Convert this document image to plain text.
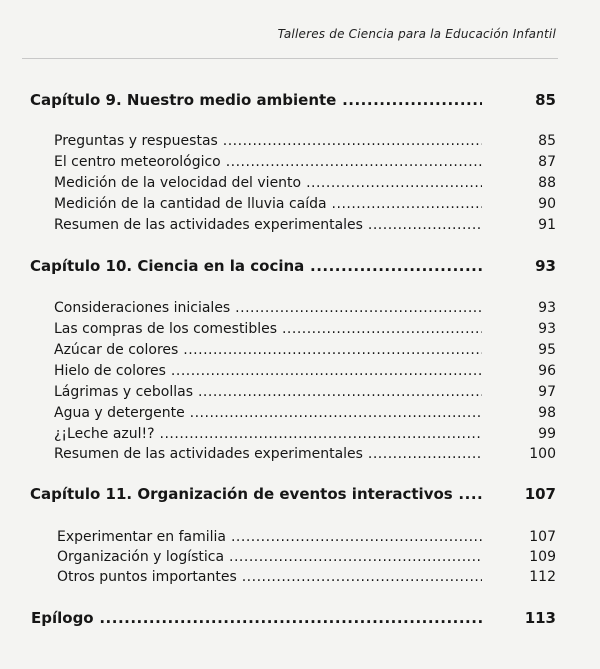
Talleres de Ciencia para la Educación Infantil
Capítulo 9. Nuestro medio ambiente .....	85
Preguntas y respuestas .....	85
El centro meteorológico .....	87
Medición de la velocidad del viento .....	88
Medición de la cantidad de lluvia caída .....	90
Resumen de las actividades experimentales .....	91
Capítulo 10. Ciencia en la cocina .....	93
Consideraciones iniciales .....	93
Las compras de los comestibles .....	93
Azúcar de colores .....	95
Hielo de colores .....	96
Lágrimas y cebollas .....	97
Agua y detergente .....	98
¿¡Leche azul!? .....	99
Resumen de las actividades experimentales .....	100
Capítulo 11. Organización de eventos interactivos .....	107
Experimentar en familia .....	107
Organización y logística .....	109
Otros puntos importantes .....	112
Epílogo .....	113
